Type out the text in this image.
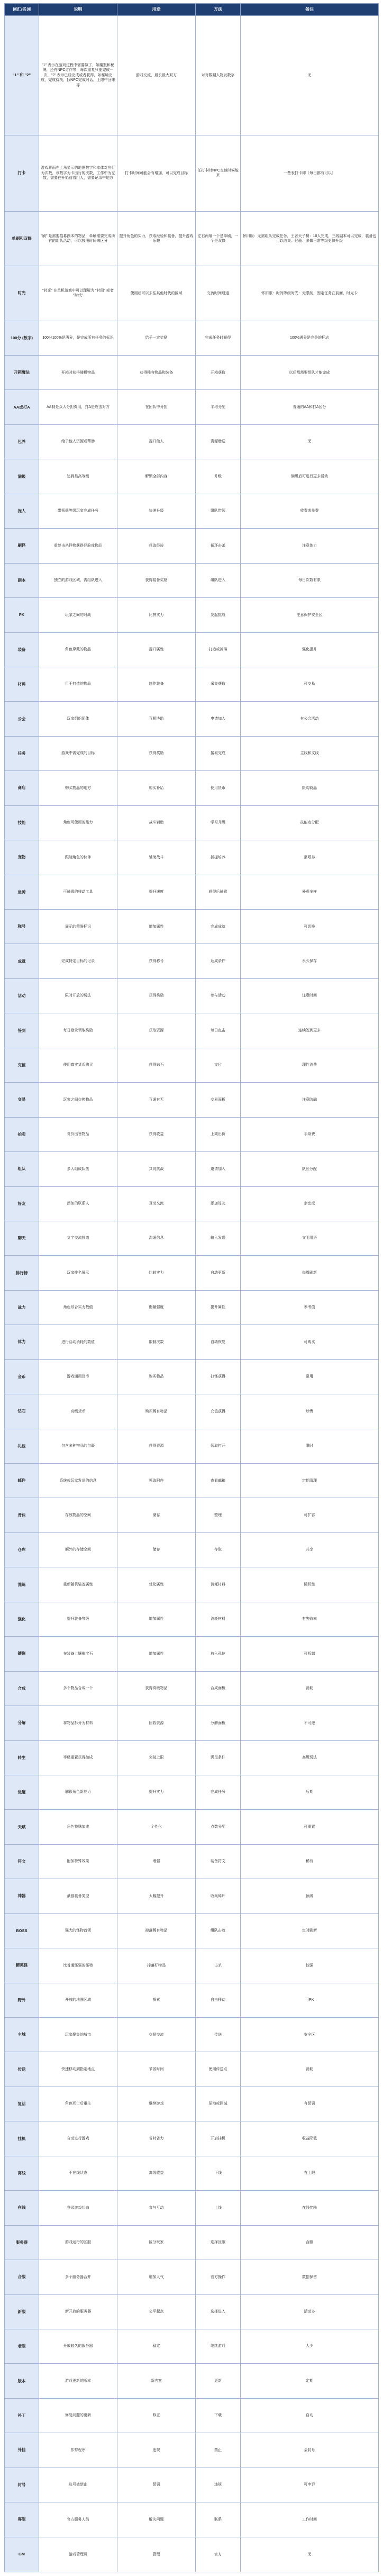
词汇/名词	说明	用途	方法	备注
"1" 和 "2"	"1" 表示在游戏过程中需要做了，如魔瓶和秘境，还有NPC订作等，每次重复只能完成一次，"2" 表示已经完成或者获得，如秘境完成，完成待找，找NPC完成对话，上限中回来等	游戏交流，最长最大双方	对对数帽人物发数字	无
打卡	游戏界面在上角显示的地图数字和本体对应行为次数，该数字为卡出行的次数，工作中为左数，需要在开始前看门人，需要记录中地方	打卡时间可能会有增加，可以完成目标	任打卡时NPC交谈时候能来	一些表打卡即（每日都有可以）
单刷和双修	"刷" 是需要招募副本的物品，单刷需要完成所有的组队活动，可以按照时间来区分	提升角色的实力，获取经验和装备，提升游戏乐趣	左右两端一个是单刷，一个是双修	怀旧服：无需组队完成任务，王者天子榜：10人完成，三线副本可以完成，装备也可以收集。经验：多做日常等级更快升级
时光	"时光" 在单机游戏中可以理解为 "时间" 或者 "时代"	使用后可以去往其他时代的区域	交流时间通道	怀旧服：时间等级时光：无限制，固定任务在前面，时光卡
100分 (数字)	100分100%是满分，是完成所有任务的标识	给予一定奖励	完成任务时获得	100%满分是完美的标志
开箱魔法	开箱时获得随机物品	获得稀有物品和装备	开箱获取	以后都需要组队才能完成
AA或打A	AA制是众人分担费用，打A是攻击对方	在团队中分担	平均分配	普通的AA和打A区分
包养	给予他人资源或帮助	提升他人	资源赠送	无
满级	达到最高等级	解锁全部内容	升级	满级后可进行更多活动
拖人	带领低等级玩家完成任务	快速升级	组队带领	收费或免费
刷怪	重复击杀怪物获得经验或物品	获取经验	循环击杀	注意体力
副本	独立的游戏区域，需组队进入	获得装备奖励	组队进入	每日次数有限
PK	玩家之间的对战	比拼实力	发起挑战	注意保护安全区
装备	角色穿戴的物品	提升属性	打造或掉落	强化提升
材料	用于打造的物品	制作装备	采集获取	可交易
公会	玩家组织团体	互相协助	申请加入	有公会活动
任务	游戏中需完成的目标	获得奖励	接取完成	主线和支线
商店	购买物品的地方	购买补给	使用货币	限购商品
技能	角色可使用的能力	战斗辅助	学习升级	技能点分配
宠物	跟随角色的伙伴	辅助战斗	捕捉培养	需喂养
坐骑	可骑乘的移动工具	提升速度	获得后骑乘	外观多样
称号	展示的荣誉标识	增加属性	完成成就	可切换
成就	完成特定目标的记录	获得称号	达成条件	永久保存
活动	限时开放的玩法	获得奖励	参与活动	注意时间
签到	每日登录领取奖励	获取资源	每日点击	连续签到更多
充值	使用真实货币购买	获得钻石	支付	理性消费
交易	玩家之间交换物品	互通有无	交易面板	注意防骗
拍卖	竞价出售物品	获得收益	上架出价	手续费
组队	多人组成队伍	共同挑战	邀请加入	队长分配
好友	添加的联系人	互动交流	添加好友	亲密度
聊天	文字交流频道	沟通信息	输入发送	文明用语
排行榜	玩家排名展示	比较实力	自动更新	每周刷新
战力	角色综合实力数值	衡量强度	提升属性	参考值
体力	进行活动消耗的数值	限制次数	自动恢复	可购买
金币	游戏通用货币	购买物品	打怪获得	常用
钻石	高级货币	购买稀有物品	充值获得	珍贵
礼包	包含多种物品的包裹	获得资源	领取打开	限时
邮件	系统或玩家发送的信息	领取附件	查看邮箱	定期清理
背包	存放物品的空间	储存	整理	可扩容
仓库	额外的存储空间	储存	存取	共享
洗练	重新随机装备属性	优化属性	消耗材料	随机性
强化	提升装备等级	增加属性	消耗材料	有失败率
镶嵌	在装备上镶嵌宝石	增加属性	放入孔位	可拆卸
合成	多个物品合成一个	获得高级物品	合成面板	消耗
分解	将物品拆分为材料	回收资源	分解面板	不可逆
转生	等级重置获得加成	突破上限	满足条件	高级玩法
觉醒	解锁角色新能力	提升实力	完成任务	后期
天赋	角色特殊加成	个性化	点数分配	可重置
符文	附加特殊效果	增强	装备符文	稀有
神器	最强装备类型	大幅提升	收集碎片	顶级
BOSS	强大的怪物首领	掉落稀有物品	组队击败	定时刷新
精英怪	比普通怪强的怪物	掉落好物品	击杀	较强
野外	开放的地图区域	探索	自由移动	可PK
主城	玩家聚集的城市	交易交流	传送	安全区
传送	快速移动到指定地点	节省时间	使用传送点	消耗
复活	角色死亡后重生	继续游戏	原地或回城	有惩罚
挂机	自动进行游戏	省时省力	开启挂机	收益降低
离线	不在线状态	离线收益	下线	有上限
在线	登录游戏状态	参与互动	上线	在线奖励
服务器	游戏运行的区服	区分玩家	选择区服	合服
合服	多个服务器合并	增加人气	官方操作	数据保留
新服	新开放的服务器	公平起点	选择进入	活动多
老服	开放较久的服务器	稳定	继续游戏	人少
版本	游戏更新的版本	新内容	更新	定期
补丁	修复问题的更新	修正	下载	自动
外挂	作弊程序	违规	禁止	会封号
封号	账号被禁止	惩罚	违规	可申诉
客服	官方服务人员	解决问题	联系	工作时间
GM	游戏管理员	管理	官方	无
